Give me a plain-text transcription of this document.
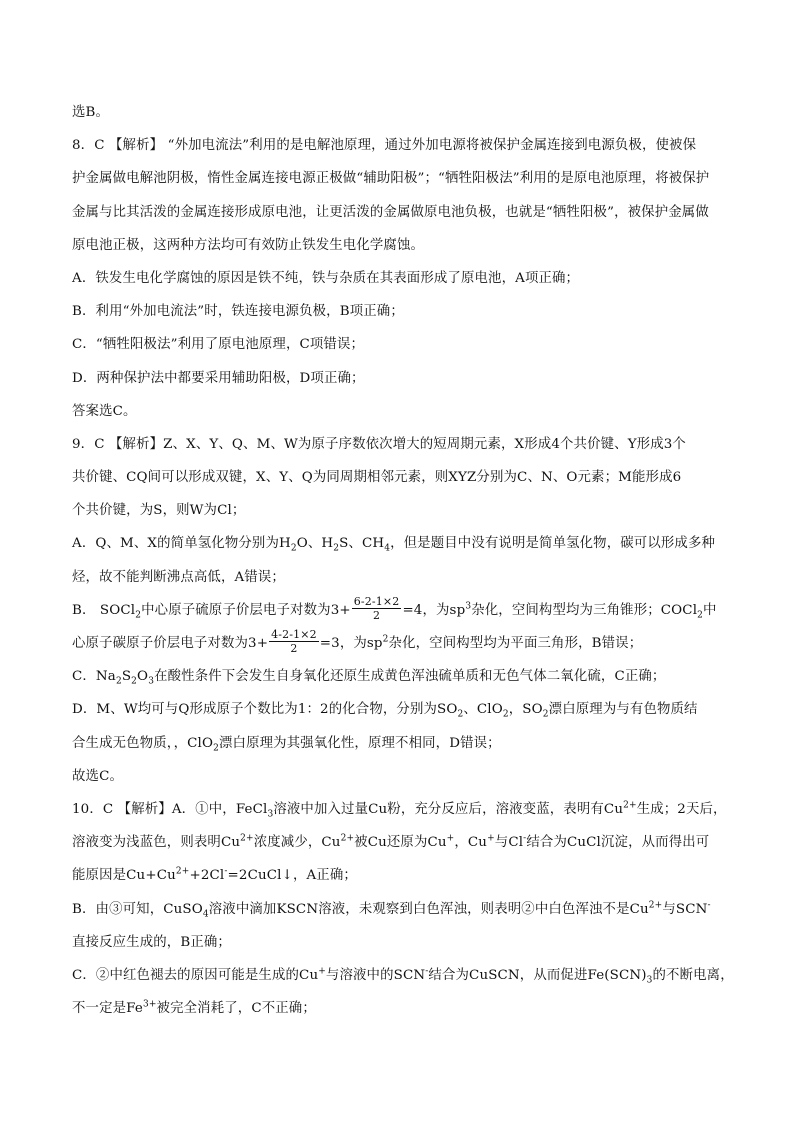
选B。
8．C 【解析】 “外加电流法”利用的是电解池原理，通过外加电源将被保护金属连接到电源负极，使被保
护金属做电解池阴极，惰性金属连接电源正极做“辅助阳极”；“牺牲阳极法”利用的是原电池原理，将被保护
金属与比其活泼的金属连接形成原电池，让更活泼的金属做原电池负极，也就是“牺牲阳极”，被保护金属做
原电池正极，这两种方法均可有效防止铁发生电化学腐蚀。
A．铁发生电化学腐蚀的原因是铁不纯，铁与杂质在其表面形成了原电池，A项正确；
B．利用“外加电流法”时，铁连接电源负极，B项正确；
C．“牺牲阳极法”利用了原电池原理，C项错误；
D．两种保护法中都要采用辅助阳极，D项正确；
答案选C。
9．C 【解析】Z、X、Y、Q、M、W为原子序数依次增大的短周期元素，X形成4个共价键、Y形成3个
共价键、CQ间可以形成双键，X、Y、Q为同周期相邻元素，则XYZ分别为C、N、O元素；M能形成6
个共价键，为S，则W为Cl；
A．Q、M、X的简单氢化物分别为$H_2O$、$H_2S$、$CH_4$，但是题目中没有说明是简单氢化物，碳可以形成多种
烃，故不能判断沸点高低，A错误；
B． SOCl$_2$中心原子硫原子价层电子对数为$3+ \frac{6-2-1\times 2}{2} =4$，为$sp^3$杂化，空间构型均为三角锥形；COCl$_2$中
心原子碳原子价层电子对数为$3+ \frac{4-2-1\times 2}{2} =3$，为$sp^2$杂化，空间构型均为平面三角形，B错误；
C．$Na_2S_2O_3$在酸性条件下会发生自身氧化还原生成黄色浑浊硫单质和无色气体二氧化硫，C正确；
D．M、W均可与Q形成原子个数比为1：2的化合物，分别为$SO_2$、ClO$_2$，$SO_2$漂白原理为与有色物质结
合生成无色物质，，ClO$_2$漂白原理为其强氧化性，原理不相同，D错误；
故选C。
10．C 【解析】A．①中，FeCl$_3$溶液中加入过量Cu粉，充分反应后，溶液变蓝，表明有$Cu^{2+}$生成；2天后，
溶液变为浅蓝色，则表明$Cu^{2+}$浓度减少，$Cu^{2+}$被Cu还原为Cu+，Cu+与Cl-结合为CuCl沉淀，从而得出可
能原因是$Cu+Cu^{2+}+2Cl^-=2CuCl↓$，A正确；
B．由③可知，CuSO$_4$溶液中滴加KSCN溶液，未观察到白色浑浊，则表明②中白色浑浊不是$Cu^{2+}$与SCN-
直接反应生成的，B正确；
C．②中红色褪去的原因可能是生成的Cu+与溶液中的SCN-结合为CuSCN，从而促进$Fe(SCN)_3$的不断电离，
不一定是$Fe^{3+}$被完全消耗了，C不正确；
